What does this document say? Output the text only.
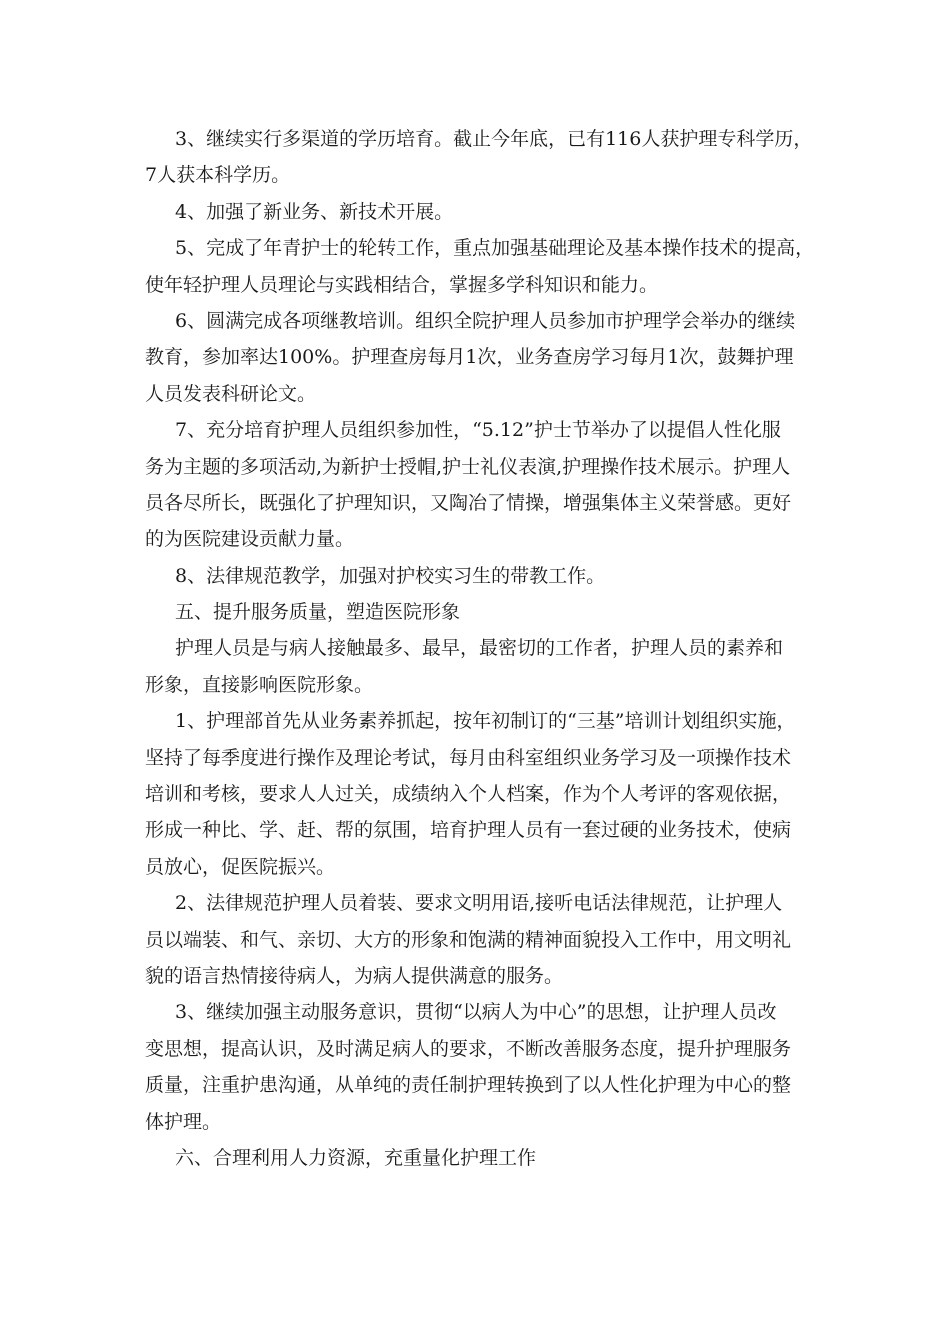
3、继续实行多渠道的学历培育。截止今年底，已有116人获护理专科学历，
7人获本科学历。
4、加强了新业务、新技术开展。
5、完成了年青护士的轮转工作，重点加强基础理论及基本操作技术的提高，
使年轻护理人员理论与实践相结合，掌握多学科知识和能力。
6、圆满完成各项继教培训。组织全院护理人员参加市护理学会举办的继续
教育，参加率达100%。护理查房每月1次，业务查房学习每月1次，鼓舞护理
人员发表科研论文。
7、充分培育护理人员组织参加性，“5.12”护士节举办了以提倡人性化服
务为主题的多项活动,为新护士授帽,护士礼仪表演,护理操作技术展示。护理人
员各尽所长，既强化了护理知识，又陶冶了情操，增强集体主义荣誉感。更好
的为医院建设贡献力量。
8、法律规范教学，加强对护校实习生的带教工作。
五、提升服务质量，塑造医院形象
护理人员是与病人接触最多、最早，最密切的工作者，护理人员的素养和
形象，直接影响医院形象。
1、护理部首先从业务素养抓起，按年初制订的“三基”培训计划组织实施，
坚持了每季度进行操作及理论考试，每月由科室组织业务学习及一项操作技术
培训和考核，要求人人过关，成绩纳入个人档案，作为个人考评的客观依据，
形成一种比、学、赶、帮的氛围，培育护理人员有一套过硬的业务技术，使病
员放心，促医院振兴。
2、法律规范护理人员着装、要求文明用语,接听电话法律规范，让护理人
员以端装、和气、亲切、大方的形象和饱满的精神面貌投入工作中，用文明礼
貌的语言热情接待病人，为病人提供满意的服务。
3、继续加强主动服务意识，贯彻“以病人为中心”的思想，让护理人员改
变思想，提高认识，及时满足病人的要求，不断改善服务态度，提升护理服务
质量，注重护患沟通，从单纯的责任制护理转换到了以人性化护理为中心的整
体护理。
六、合理利用人力资源，充重量化护理工作
